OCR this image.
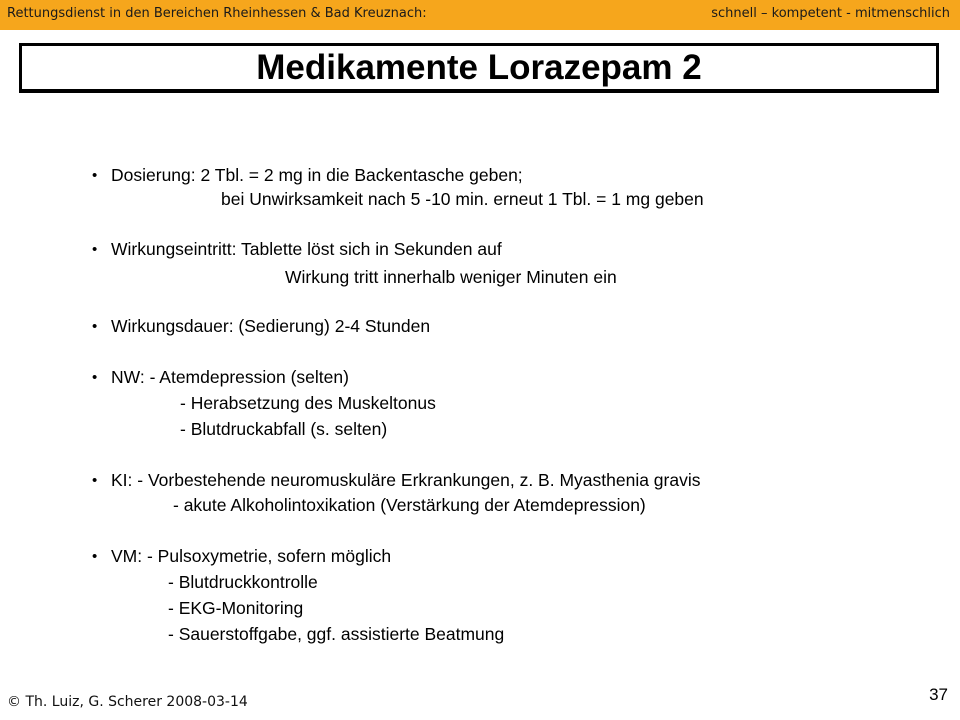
Rettungsdienst in den Bereichen Rheinhessen & Bad Kreuznach:	schnell – kompetent - mitmenschlich
Medikamente Lorazepam 2
• Dosierung: 2 Tbl. = 2 mg in die Backentasche geben;
bei Unwirksamkeit nach 5 -10 min. erneut 1 Tbl. = 1 mg geben
• Wirkungseintritt: Tablette löst sich in Sekunden auf
Wirkung tritt innerhalb weniger Minuten ein
• Wirkungsdauer: (Sedierung) 2-4 Stunden
• NW: - Atemdepression (selten)
- Herabsetzung des Muskeltonus
- Blutdruckabfall (s. selten)
• KI: - Vorbestehende neuromuskuläre Erkrankungen, z. B. Myasthenia gravis
- akute Alkoholintoxikation (Verstärkung der Atemdepression)
• VM: - Pulsoxymetrie, sofern möglich
- Blutdruckkontrolle
- EKG-Monitoring
- Sauerstoffgabe, ggf. assistierte Beatmung
© Th. Luiz, G. Scherer 2008-03-14	37
